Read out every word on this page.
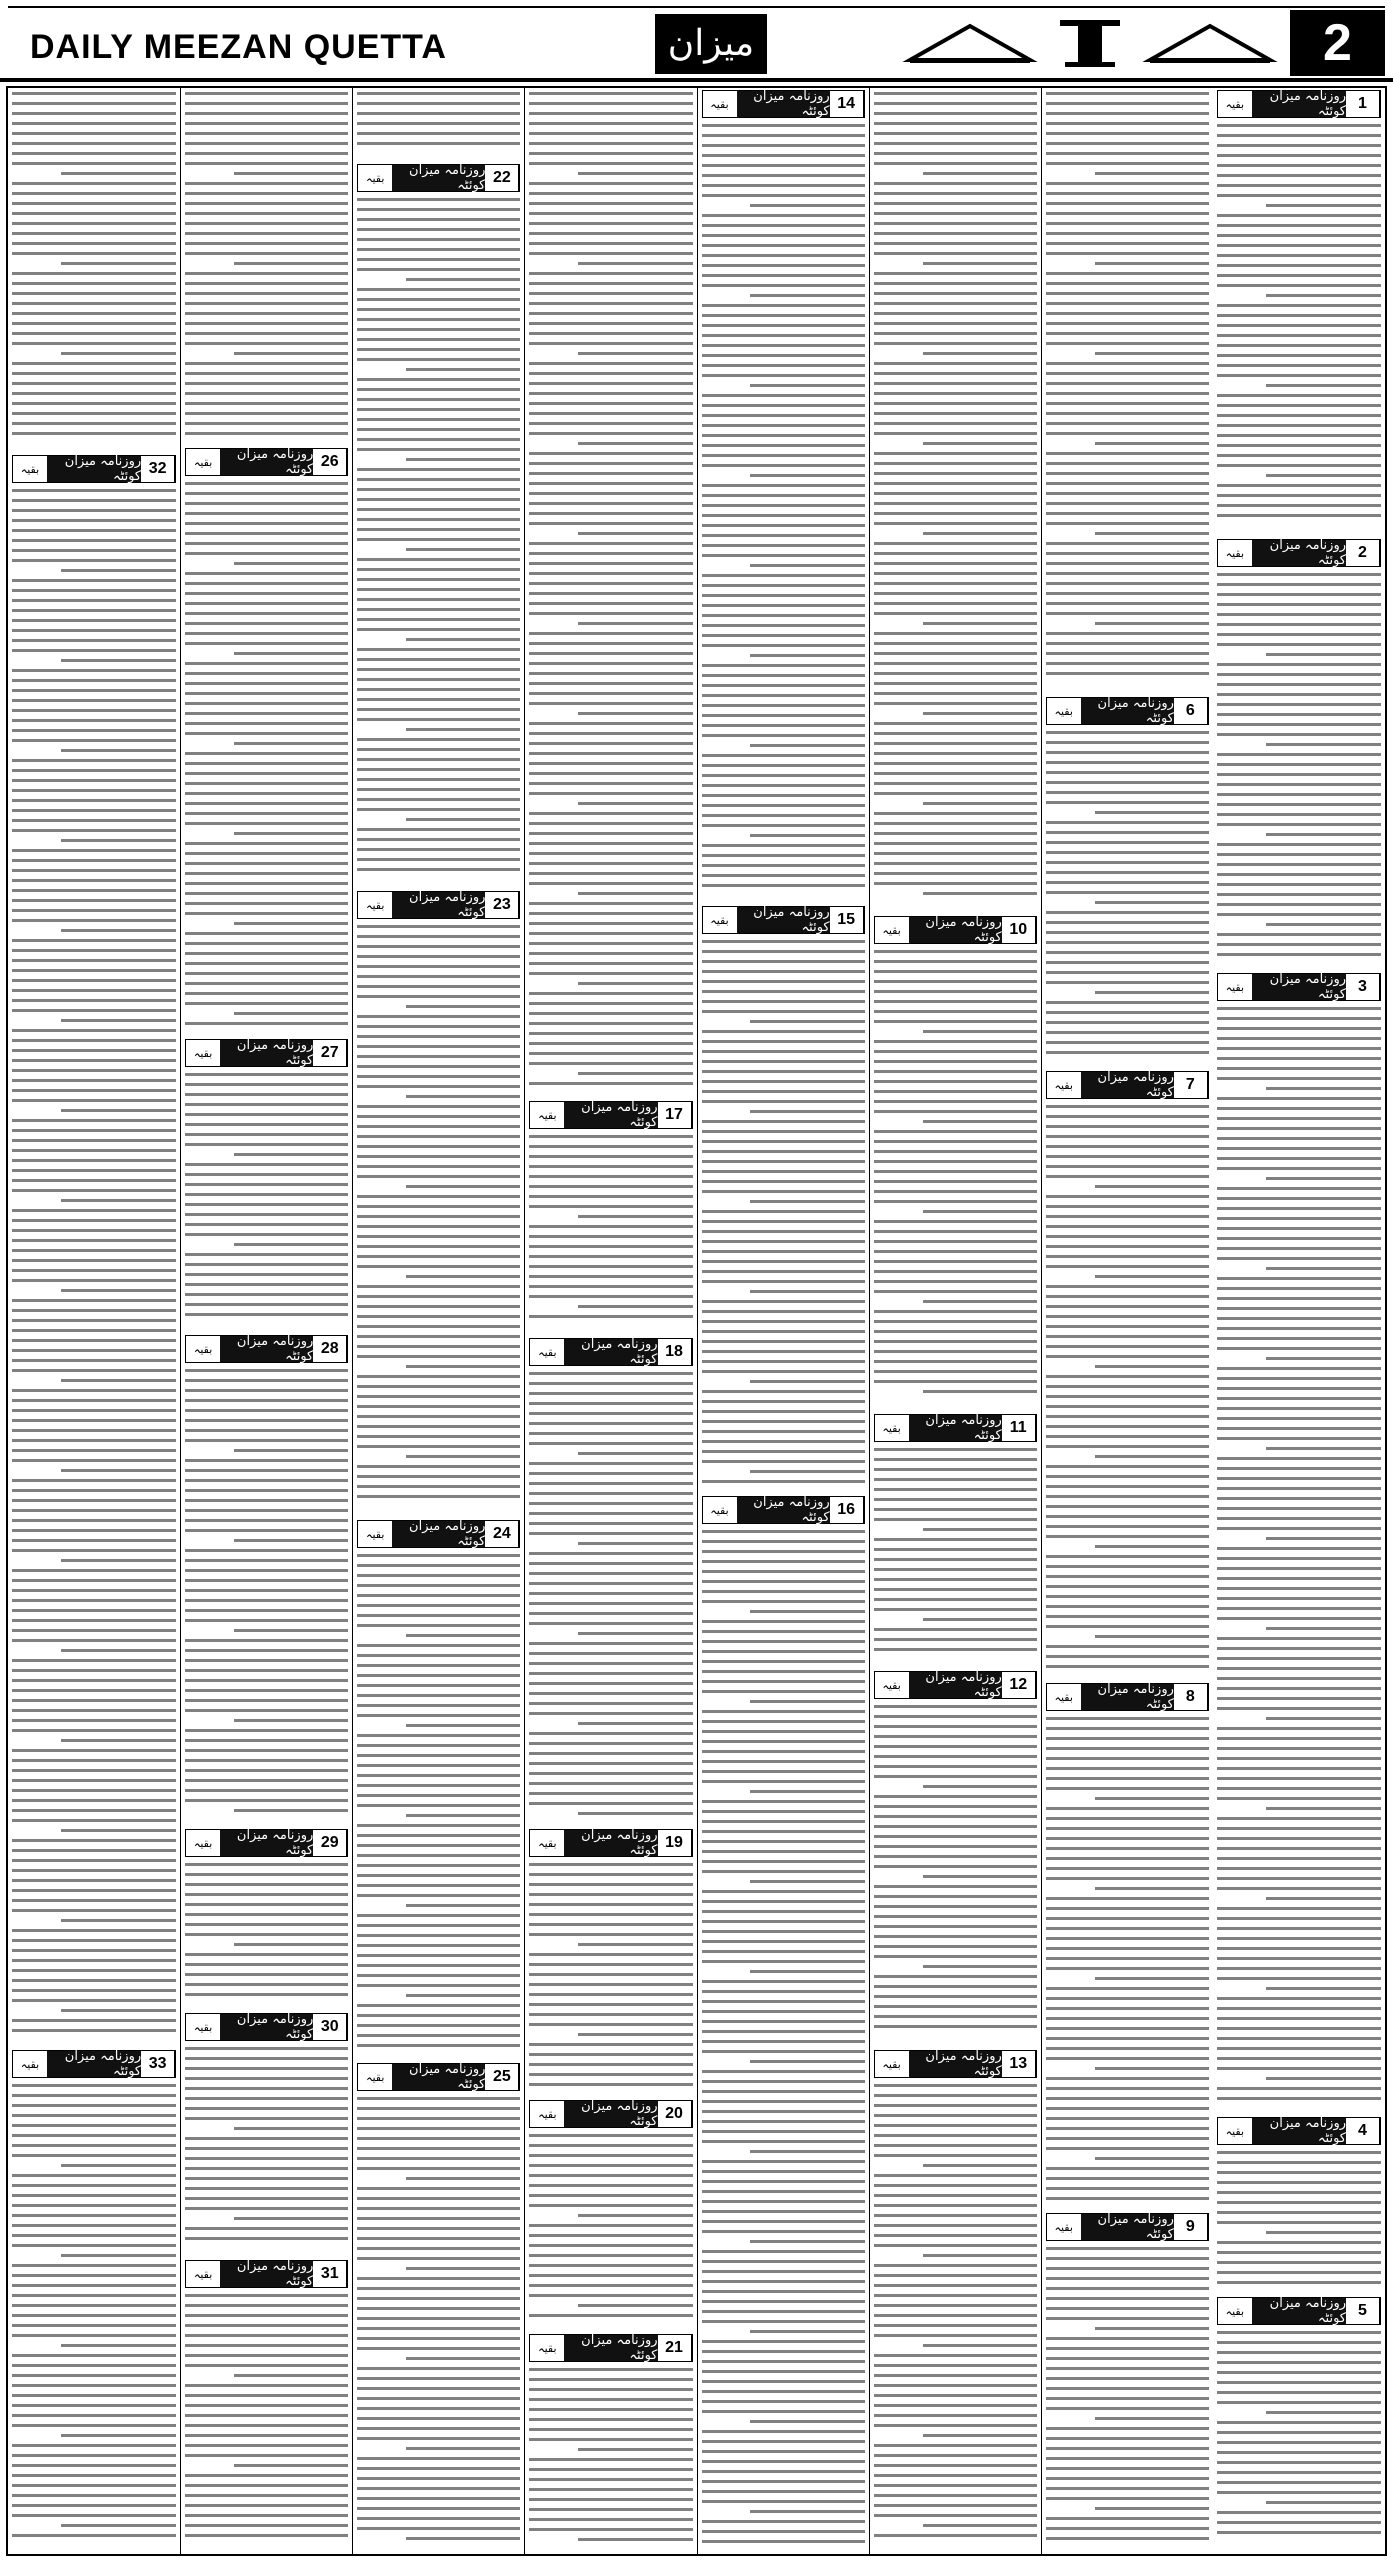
DAILY MEEZAN QUETTA	میزان	2
بقیہ	روزنامہ میزان کوئٹہ 1
بقیہ	روزنامہ میزان کوئٹہ 2
بقیہ	روزنامہ میزان کوئٹہ 3
بقیہ	روزنامہ میزان کوئٹہ 4
بقیہ	روزنامہ میزان کوئٹہ 5
بقیہ	روزنامہ میزان کوئٹہ 6
بقیہ	روزنامہ میزان کوئٹہ 7
بقیہ	روزنامہ میزان کوئٹہ 8
بقیہ	روزنامہ میزان کوئٹہ 9
بقیہ	روزنامہ میزان کوئٹہ 10
بقیہ	روزنامہ میزان کوئٹہ 11
بقیہ	روزنامہ میزان کوئٹہ 12
بقیہ	روزنامہ میزان کوئٹہ 13
بقیہ	روزنامہ میزان کوئٹہ 14
بقیہ	روزنامہ میزان کوئٹہ 15
بقیہ	روزنامہ میزان کوئٹہ 16
بقیہ	روزنامہ میزان کوئٹہ 17
بقیہ	روزنامہ میزان کوئٹہ 18
بقیہ	روزنامہ میزان کوئٹہ 19
بقیہ	روزنامہ میزان کوئٹہ 20
بقیہ	روزنامہ میزان کوئٹہ 21
بقیہ	روزنامہ میزان کوئٹہ 22
بقیہ	روزنامہ میزان کوئٹہ 23
بقیہ	روزنامہ میزان کوئٹہ 24
بقیہ	روزنامہ میزان کوئٹہ 25
بقیہ	روزنامہ میزان کوئٹہ 26
بقیہ	روزنامہ میزان کوئٹہ 27
بقیہ	روزنامہ میزان کوئٹہ 28
بقیہ	روزنامہ میزان کوئٹہ 29
بقیہ	روزنامہ میزان کوئٹہ 30
بقیہ	روزنامہ میزان کوئٹہ 31
بقیہ	روزنامہ میزان کوئٹہ 32
بقیہ	روزنامہ میزان کوئٹہ 33
